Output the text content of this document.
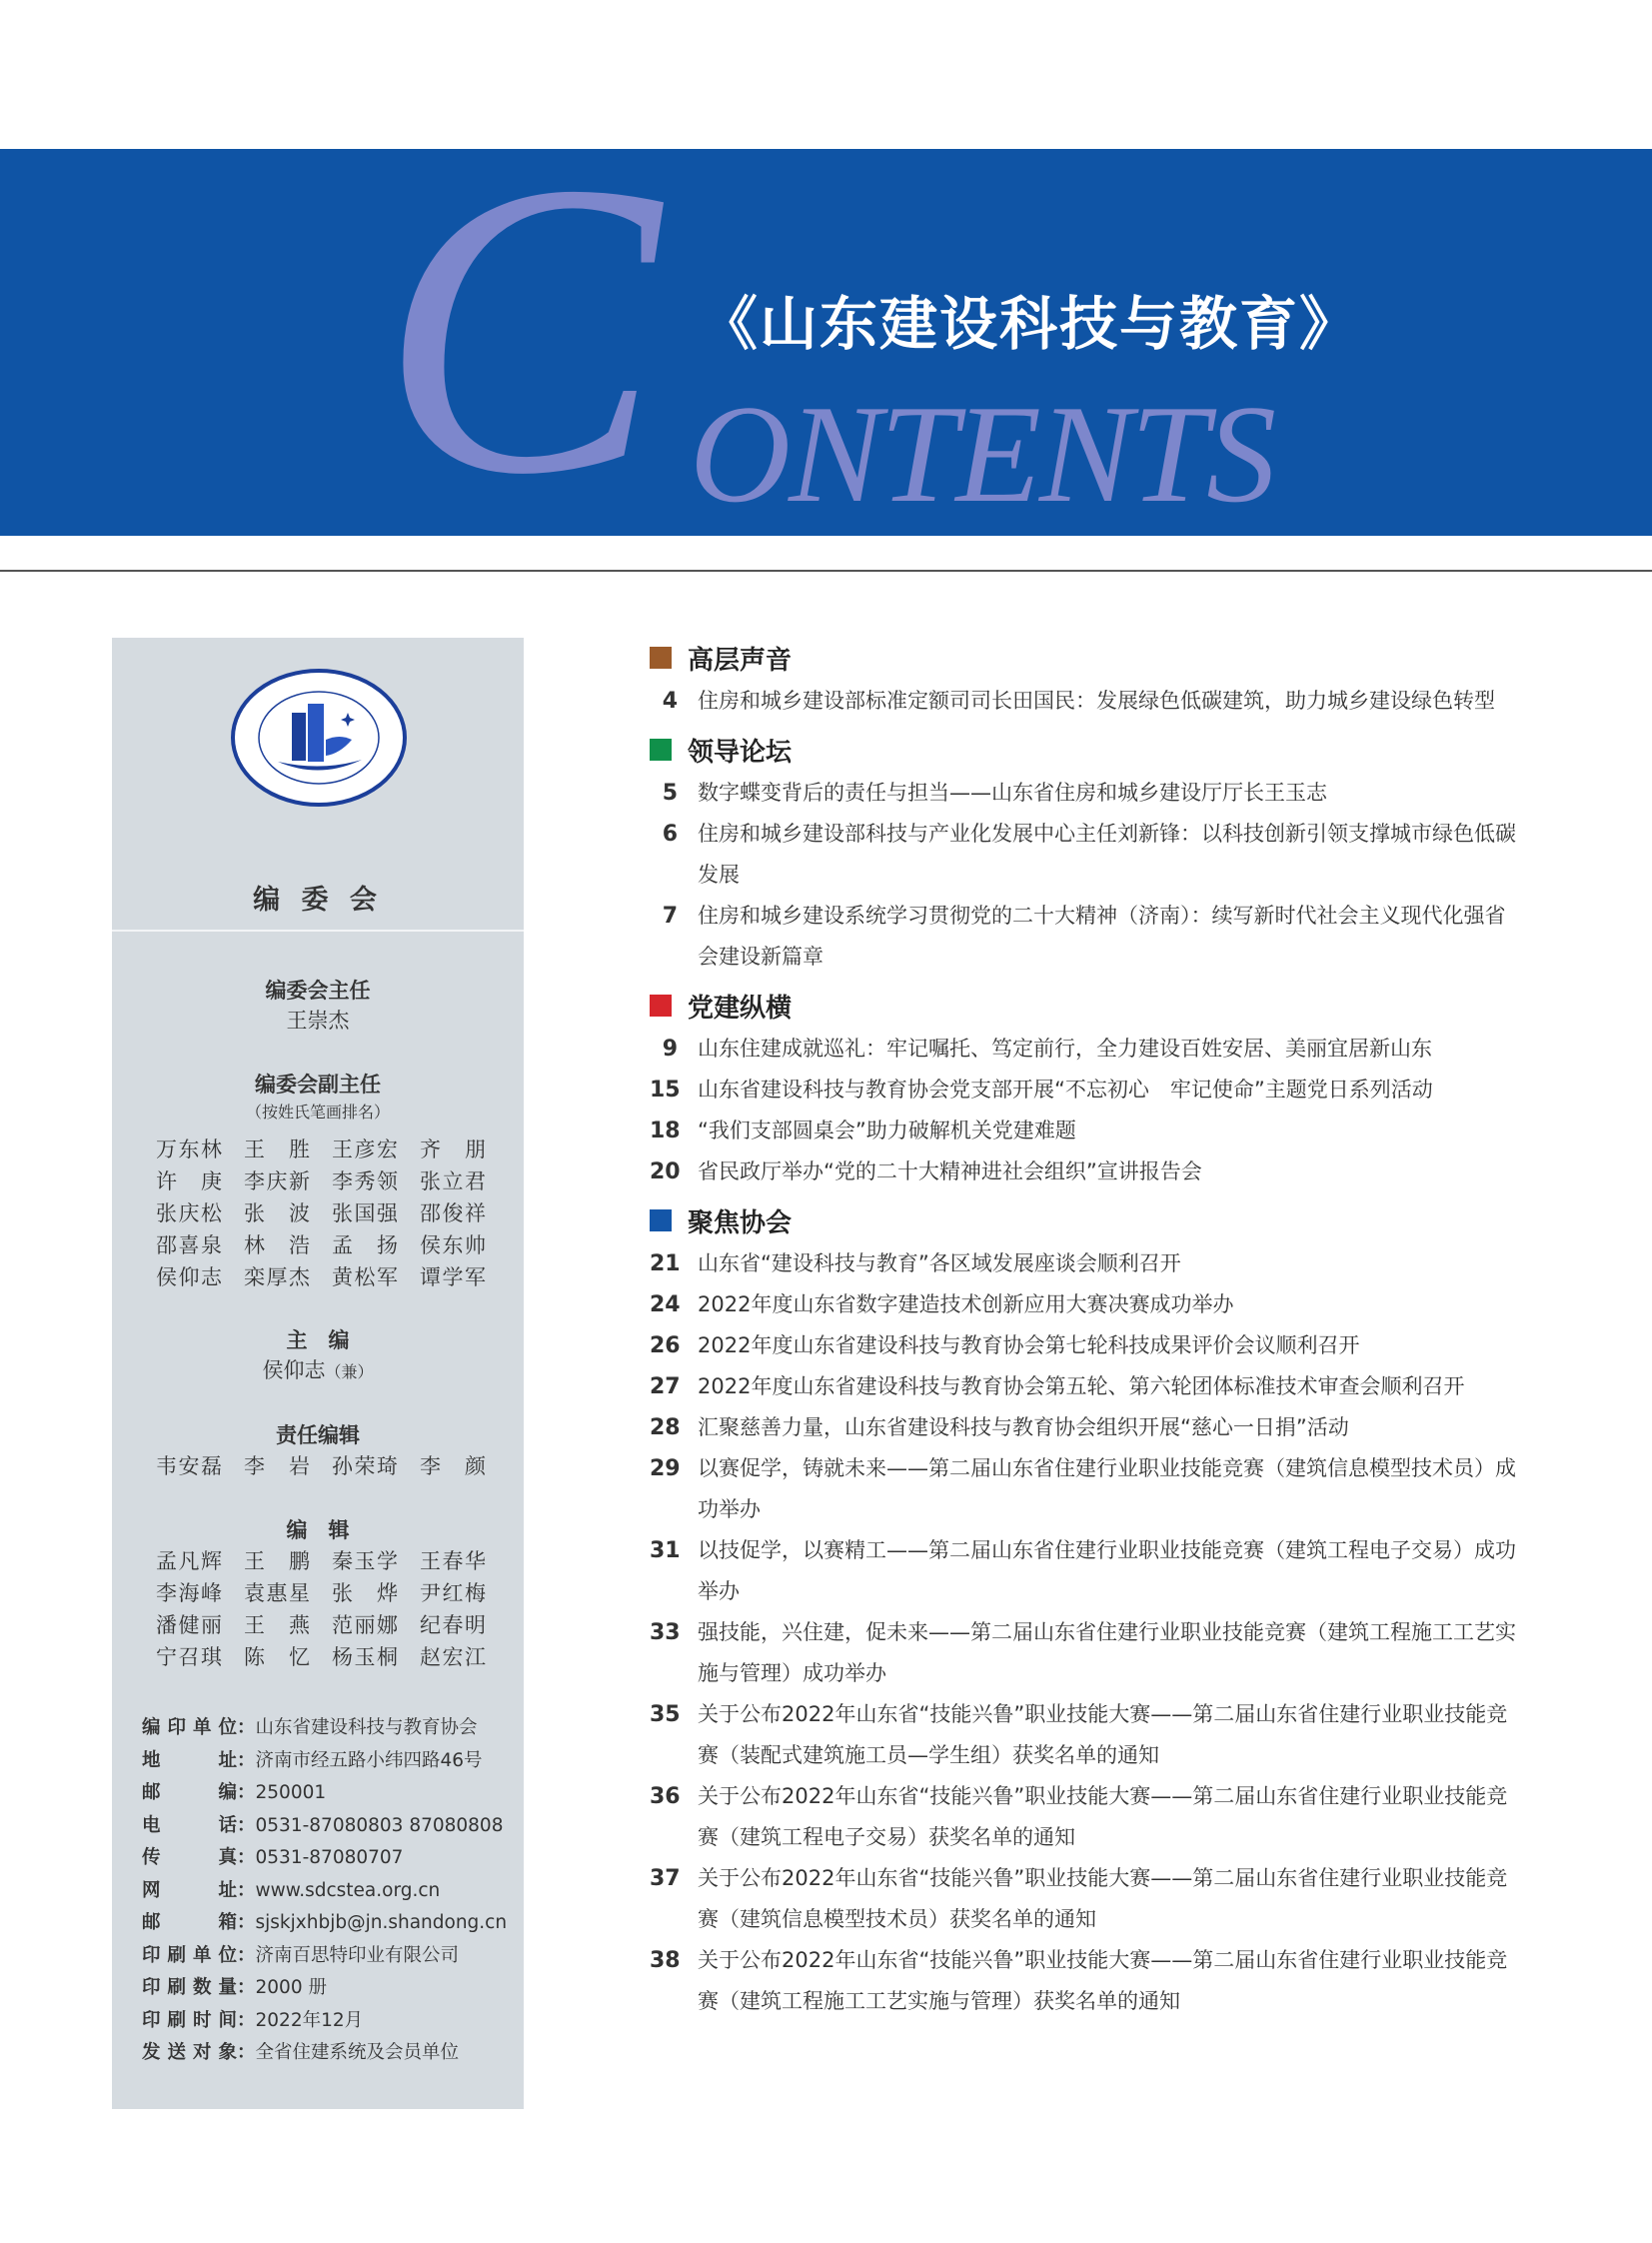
C 《山东建设科技与教育》
ONTENTS
编 委 会
编委会主任
王崇杰
编委会副主任
（按姓氏笔画排名）
万东林 王　胜 王彦宏 齐　朋
许　庚 李庆新 李秀领 张立君
张庆松 张　波 张国强 邵俊祥
邵喜泉 林　浩 孟　扬 侯东帅
侯仰志 栾厚杰 黄松军 谭学军
主　编
侯仰志（兼）
责任编辑
韦安磊 李　岩 孙荣琦 李　颜
编　辑
孟凡辉 王　鹏 秦玉学 王春华
李海峰 袁惠星 张　烨 尹红梅
潘健丽 王　燕 范丽娜 纪春明
宁召琪 陈　忆 杨玉桐 赵宏江
编印单位 ： 山东省建设科技与教育协会
地址 ： 济南市经五路小纬四路46号
邮编 ： 250001
电话 ： 0531-87080803 87080808
传真 ： 0531-87080707
网址 ： www.sdcstea.org.cn
邮箱 ： sjskjxhbjb@jn.shandong.cn
印刷单位 ： 济南百思特印业有限公司
印刷数量 ： 2000 册
印刷时间 ： 2022年12月
发送对象 ： 全省住建系统及会员单位
高层声音
4 住房和城乡建设部标准定额司司长田国民：发展绿色低碳建筑，助力城乡建设绿色转型
领导论坛
5 数字蝶变背后的责任与担当——山东省住房和城乡建设厅厅长王玉志
6 住房和城乡建设部科技与产业化发展中心主任刘新锋：以科技创新引领支撑城市绿色低碳发展
7 住房和城乡建设系统学习贯彻党的二十大精神（济南）：续写新时代社会主义现代化强省会建设新篇章
党建纵横
9 山东住建成就巡礼：牢记嘱托、笃定前行，全力建设百姓安居、美丽宜居新山东
15 山东省建设科技与教育协会党支部开展“不忘初心　牢记使命”主题党日系列活动
18 “我们支部圆桌会”助力破解机关党建难题
20 省民政厅举办“党的二十大精神进社会组织”宣讲报告会
聚焦协会
21 山东省“建设科技与教育”各区域发展座谈会顺利召开
24 2022年度山东省数字建造技术创新应用大赛决赛成功举办
26 2022年度山东省建设科技与教育协会第七轮科技成果评价会议顺利召开
27 2022年度山东省建设科技与教育协会第五轮、第六轮团体标准技术审查会顺利召开
28 汇聚慈善力量，山东省建设科技与教育协会组织开展“慈心一日捐”活动
29 以赛促学，铸就未来——第二届山东省住建行业职业技能竞赛（建筑信息模型技术员）成功举办
31 以技促学，以赛精工——第二届山东省住建行业职业技能竞赛（建筑工程电子交易）成功举办
33 强技能，兴住建，促未来——第二届山东省住建行业职业技能竞赛（建筑工程施工工艺实施与管理）成功举办
35 关于公布2022年山东省“技能兴鲁”职业技能大赛——第二届山东省住建行业职业技能竞赛（装配式建筑施工员—学生组）获奖名单的通知
36 关于公布2022年山东省“技能兴鲁”职业技能大赛——第二届山东省住建行业职业技能竞赛（建筑工程电子交易）获奖名单的通知
37 关于公布2022年山东省“技能兴鲁”职业技能大赛——第二届山东省住建行业职业技能竞赛（建筑信息模型技术员）获奖名单的通知
38 关于公布2022年山东省“技能兴鲁”职业技能大赛——第二届山东省住建行业职业技能竞赛（建筑工程施工工艺实施与管理）获奖名单的通知
